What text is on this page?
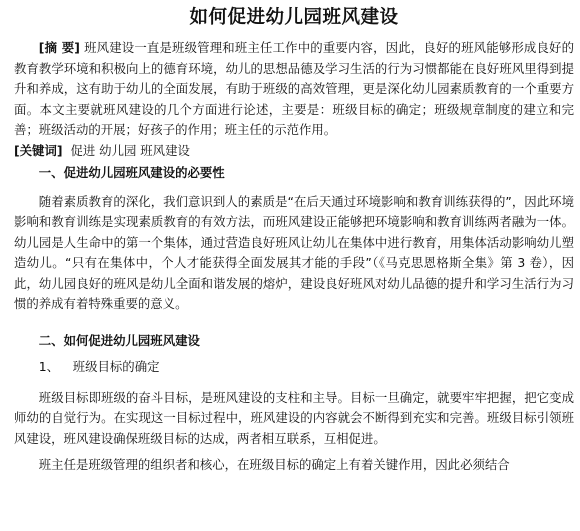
如何促进幼儿园班风建设

[摘 要] 班风建设一直是班级管理和班主任工作中的重要内容，因此，良好的班风能够形成良好的教育教学环境和积极向上的德育环境，幼儿的思想品德及学习生活的行为习惯都能在良好班风里得到提升和养成，这有助于幼儿的全面发展，有助于班级的高效管理，更是深化幼儿园素质教育的一个重要方面。本文主要就班风建设的几个方面进行论述，主要是：班级目标的确定；班级规章制度的建立和完善；班级活动的开展；好孩子的作用；班主任的示范作用。

[关键词] 促进 幼儿园 班风建设

一、促进幼儿园班风建设的必要性

随着素质教育的深化，我们意识到人的素质是“在后天通过环境影响和教育训练获得的”，因此环境影响和教育训练是实现素质教育的有效方法，而班风建设正能够把环境影响和教育训练两者融为一体。幼儿园是人生命中的第一个集体，通过营造良好班风让幼儿在集体中进行教育，用集体活动影响幼儿塑造幼儿。“只有在集体中，个人才能获得全面发展其才能的手段”（《马克思恩格斯全集》第 3 卷），因此，幼儿园良好的班风是幼儿全面和谐发展的熔炉，建设良好班风对幼儿品德的提升和学习生活行为习惯的养成有着特殊重要的意义。

二、如何促进幼儿园班风建设

1、 班级目标的确定

班级目标即班级的奋斗目标，是班风建设的支柱和主导。目标一旦确定，就要牢牢把握，把它变成师幼的自觉行为。在实现这一目标过程中，班风建设的内容就会不断得到充实和完善。班级目标引领班风建设，班风建设确保班级目标的达成，两者相互联系，互相促进。

班主任是班级管理的组织者和核心，在班级目标的确定上有着关键作用，因此必须结合
